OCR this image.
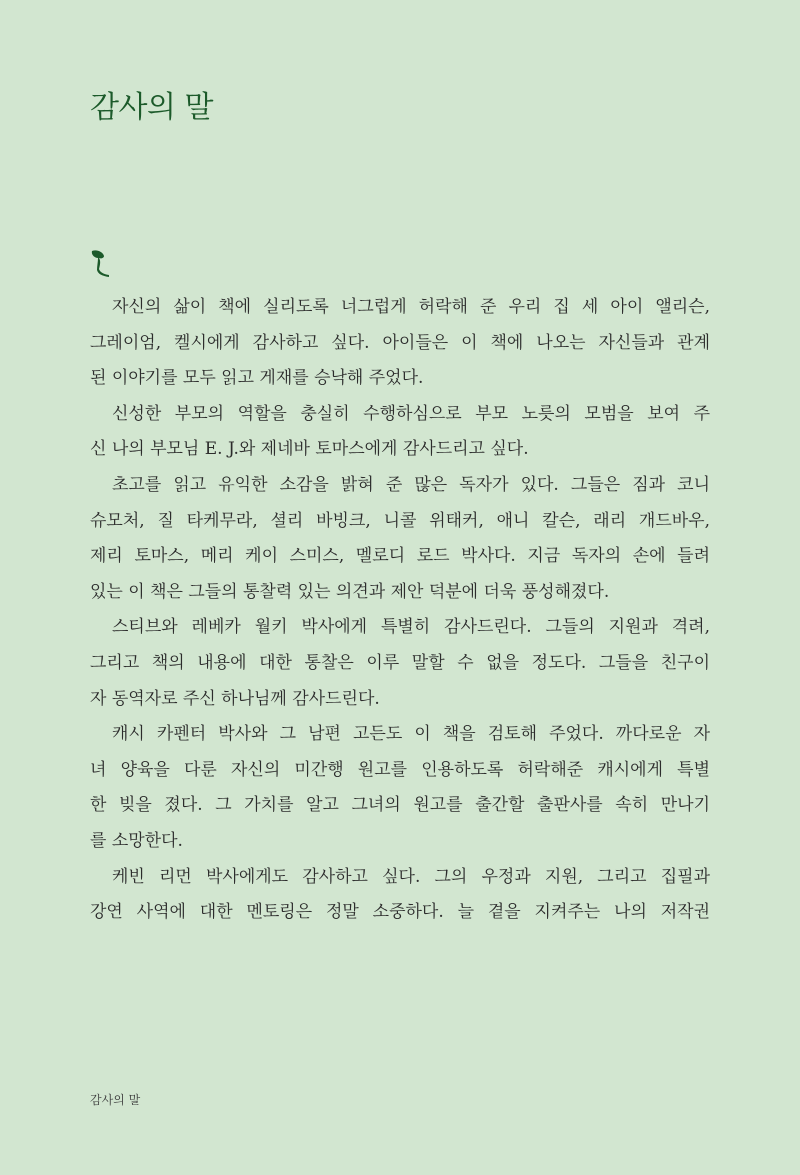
감사의 말
자신의 삶이 책에 실리도록 너그럽게 허락해 준 우리 집 세 아이 앨리슨,
그레이엄, 켈시에게 감사하고 싶다. 아이들은 이 책에 나오는 자신들과 관계
된 이야기를 모두 읽고 게재를 승낙해 주었다.
신성한 부모의 역할을 충실히 수행하심으로 부모 노릇의 모범을 보여 주
신 나의 부모님 E. J.와 제네바 토마스에게 감사드리고 싶다.
초고를 읽고 유익한 소감을 밝혀 준 많은 독자가 있다. 그들은 짐과 코니
슈모처, 질 타케무라, 셜리 바빙크, 니콜 위태커, 애니 칼슨, 래리 개드바우,
제리 토마스, 메리 케이 스미스, 멜로디 로드 박사다. 지금 독자의 손에 들려
있는 이 책은 그들의 통찰력 있는 의견과 제안 덕분에 더욱 풍성해졌다.
스티브와 레베카 월키 박사에게 특별히 감사드린다. 그들의 지원과 격려,
그리고 책의 내용에 대한 통찰은 이루 말할 수 없을 정도다. 그들을 친구이
자 동역자로 주신 하나님께 감사드린다.
캐시 카펜터 박사와 그 남편 고든도 이 책을 검토해 주었다. 까다로운 자
녀 양육을 다룬 자신의 미간행 원고를 인용하도록 허락해준 캐시에게 특별
한 빚을 졌다. 그 가치를 알고 그녀의 원고를 출간할 출판사를 속히 만나기
를 소망한다.
케빈 리먼 박사에게도 감사하고 싶다. 그의 우정과 지원, 그리고 집필과
강연 사역에 대한 멘토링은 정말 소중하다. 늘 곁을 지켜주는 나의 저작권
감사의 말
